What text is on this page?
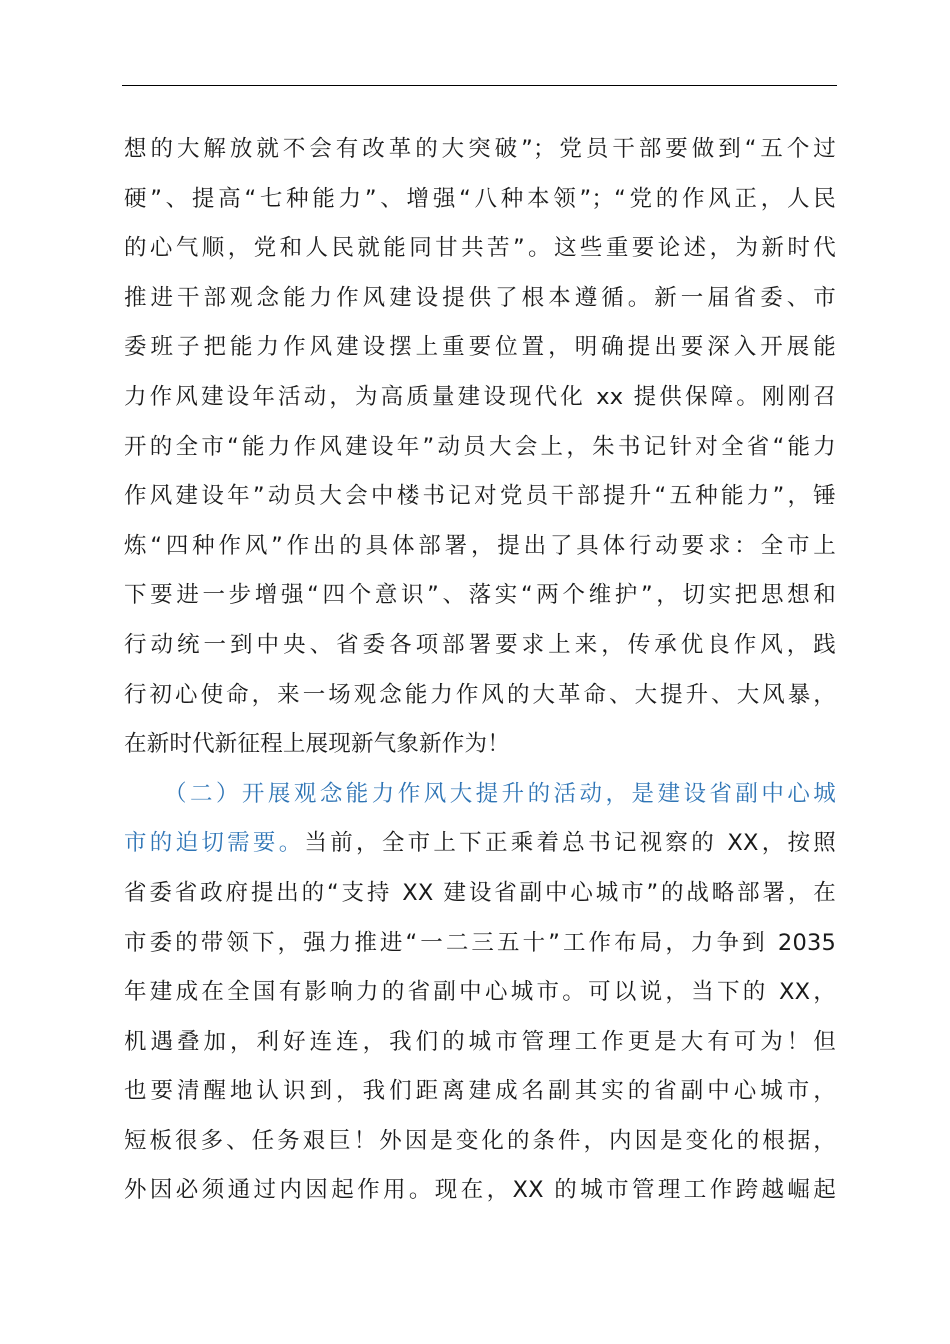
想的大解放就不会有改革的大突破”；党员干部要做到“五个过
硬”、提高“七种能力”、增强“八种本领”；“党的作风正，人民
的心气顺，党和人民就能同甘共苦”。这些重要论述，为新时代
推进干部观念能力作风建设提供了根本遵循。新一届省委、市
委班子把能力作风建设摆上重要位置，明确提出要深入开展能
力作风建设年活动，为高质量建设现代化 xx 提供保障。刚刚召
开的全市“能力作风建设年”动员大会上，朱书记针对全省“能力
作风建设年”动员大会中楼书记对党员干部提升“五种能力”，锤
炼“四种作风”作出的具体部署，提出了具体行动要求：全市上
下要进一步增强“四个意识”、落实“两个维护”，切实把思想和
行动统一到中央、省委各项部署要求上来，传承优良作风，践
行初心使命，来一场观念能力作风的大革命、大提升、大风暴，
在新时代新征程上展现新气象新作为！
（二）开展观念能力作风大提升的活动，是建设省副中心城
市的迫切需要。当前，全市上下正乘着总书记视察的 XX，按照
省委省政府提出的“支持 XX 建设省副中心城市”的战略部署，在
市委的带领下，强力推进“一二三五十”工作布局，力争到 2035
年建成在全国有影响力的省副中心城市。可以说，当下的 XX，
机遇叠加，利好连连，我们的城市管理工作更是大有可为！但
也要清醒地认识到，我们距离建成名副其实的省副中心城市，
短板很多、任务艰巨！外因是变化的条件，内因是变化的根据，
外因必须通过内因起作用。现在，XX 的城市管理工作跨越崛起
